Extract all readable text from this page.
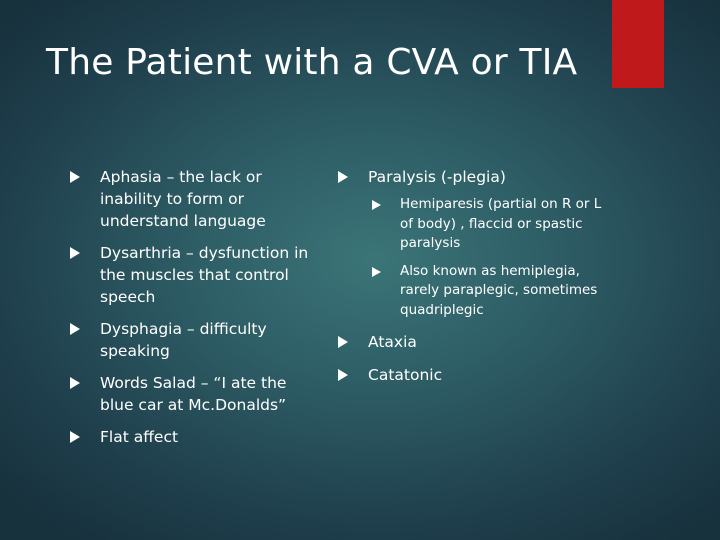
The Patient with a CVA or TIA
Aphasia – the lack or inability to form or understand language
Dysarthria – dysfunction in the muscles that control speech
Dysphagia – difficulty speaking
Words Salad – “I ate the blue car at Mc.Donalds”
Flat affect
Paralysis (-plegia)
Hemiparesis (partial on R or L of body) , flaccid or spastic paralysis
Also known as hemiplegia, rarely paraplegic, sometimes quadriplegic
Ataxia
Catatonic
